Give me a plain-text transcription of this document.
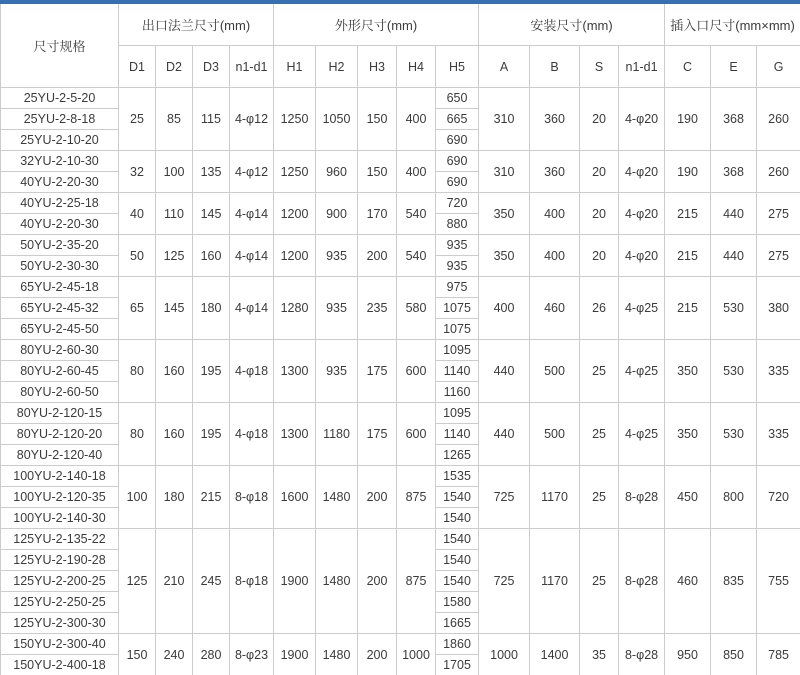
尺寸规格	出口法兰尺寸(mm)				外形尺寸(mm)					安装尺寸(mm)				插入口尺寸(mm×mm)		
	D1	D2	D3	n1-d1	H1	H2	H3	H4	H5	A	B	S	n1-d1	C	E	G
25YU-2-5-20	25	85	115	4-φ12	1250	1050	150	400	650	310	360	20	4-φ20	190	368	260
25YU-2-8-18									665							
25YU-2-10-20									690							
32YU-2-10-30	32	100	135	4-φ12	1250	960	150	400	690	310	360	20	4-φ20	190	368	260
40YU-2-20-30									690							
40YU-2-25-18	40	110	145	4-φ14	1200	900	170	540	720	350	400	20	4-φ20	215	440	275
40YU-2-20-30									880							
50YU-2-35-20	50	125	160	4-φ14	1200	935	200	540	935	350	400	20	4-φ20	215	440	275
50YU-2-30-30									935							
65YU-2-45-18	65	145	180	4-φ14	1280	935	235	580	975	400	460	26	4-φ25	215	530	380
65YU-2-45-32									1075							
65YU-2-45-50									1075							
80YU-2-60-30	80	160	195	4-φ18	1300	935	175	600	1095	440	500	25	4-φ25	350	530	335
80YU-2-60-45									1140							
80YU-2-60-50									1160							
80YU-2-120-15	80	160	195	4-φ18	1300	1180	175	600	1095	440	500	25	4-φ25	350	530	335
80YU-2-120-20									1140							
80YU-2-120-40									1265							
100YU-2-140-18	100	180	215	8-φ18	1600	1480	200	875	1535	725	1170	25	8-φ28	450	800	720
100YU-2-120-35									1540							
100YU-2-140-30									1540							
125YU-2-135-22	125	210	245	8-φ18	1900	1480	200	875	1540	725	1170	25	8-φ28	460	835	755
125YU-2-190-28									1540							
125YU-2-200-25									1540							
125YU-2-250-25									1580							
125YU-2-300-30									1665							
150YU-2-300-40	150	240	280	8-φ23	1900	1480	200	1000	1860	1000	1400	35	8-φ28	950	850	785
150YU-2-400-18									1705							
